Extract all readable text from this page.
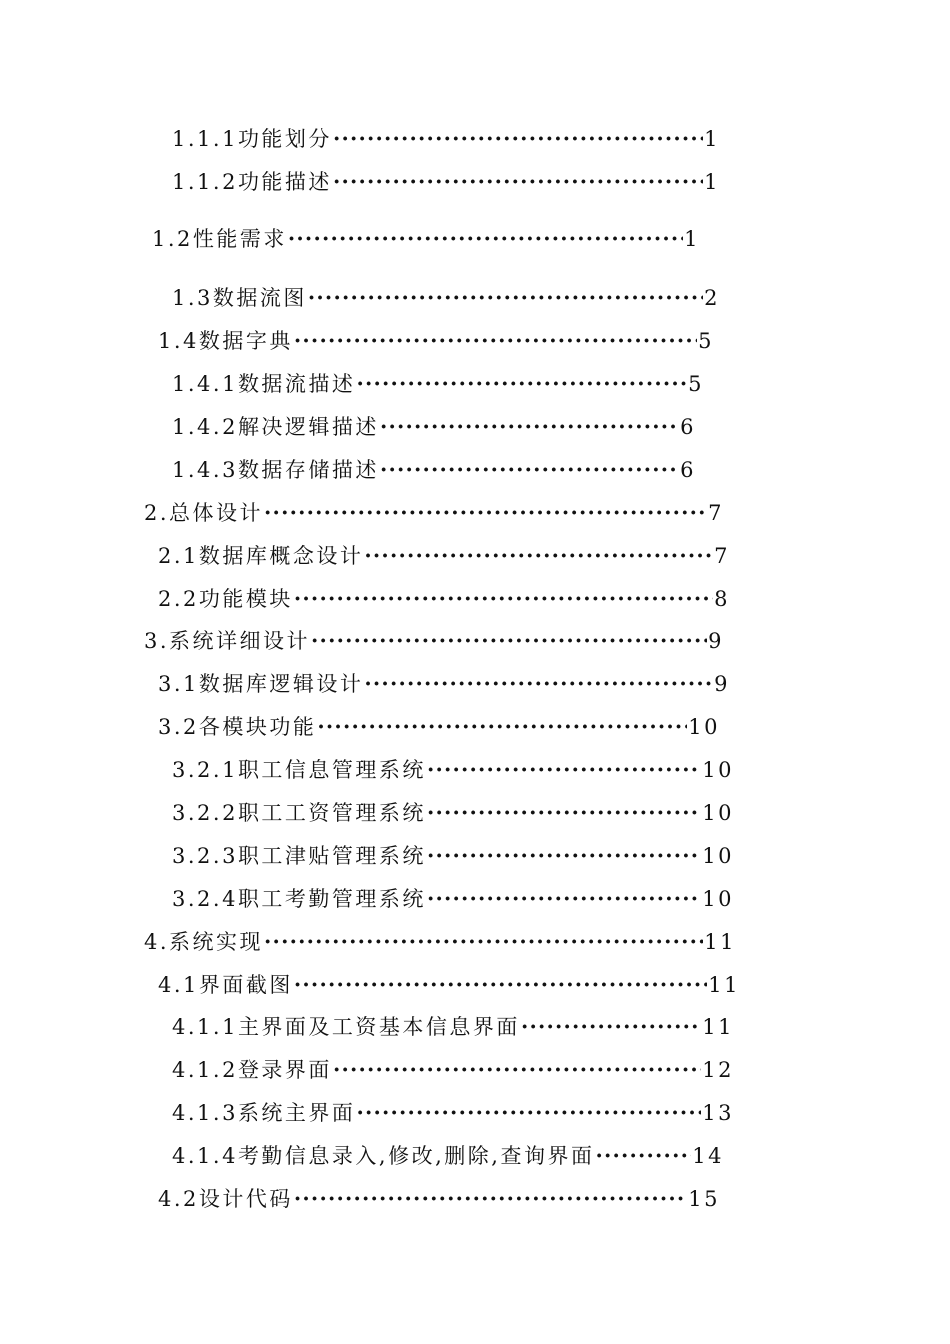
1.1.1 功能划分 ·····	1
1.1.2 功能描述 ·····	1
1.2 性能需求 ·····	1
1.3 数据流图 ·····	2
1.4 数据字典 ·····	5
1.4.1 数据流描述 ·····	5
1.4.2 解决逻辑描述 ·····	6
1.4.3 数据存储描述 ·····	6
2. 总体设计 ·····	7
2.1 数据库概念设计 ·····	7
2.2 功能模块 ·····	8
3. 系统详细设计 ·····	9
3.1 数据库逻辑设计 ·····	9
3.2 各模块功能 ·····	10
3.2.1 职工信息管理系统 ·····	10
3.2.2 职工工资管理系统 ·····	10
3.2.3 职工津贴管理系统 ·····	10
3.2.4 职工考勤管理系统 ·····	10
4. 系统实现 ·····	11
4.1 界面截图 ·····	11
4.1.1 主界面及工资基本信息界面 ·····	11
4.1.2 登录界面 ·····	12
4.1.3 系统主界面 ·····	13
4.1.4 考勤信息录入,修改,删除,查询界面 ·····	14
4.2 设计代码 ·····	15
